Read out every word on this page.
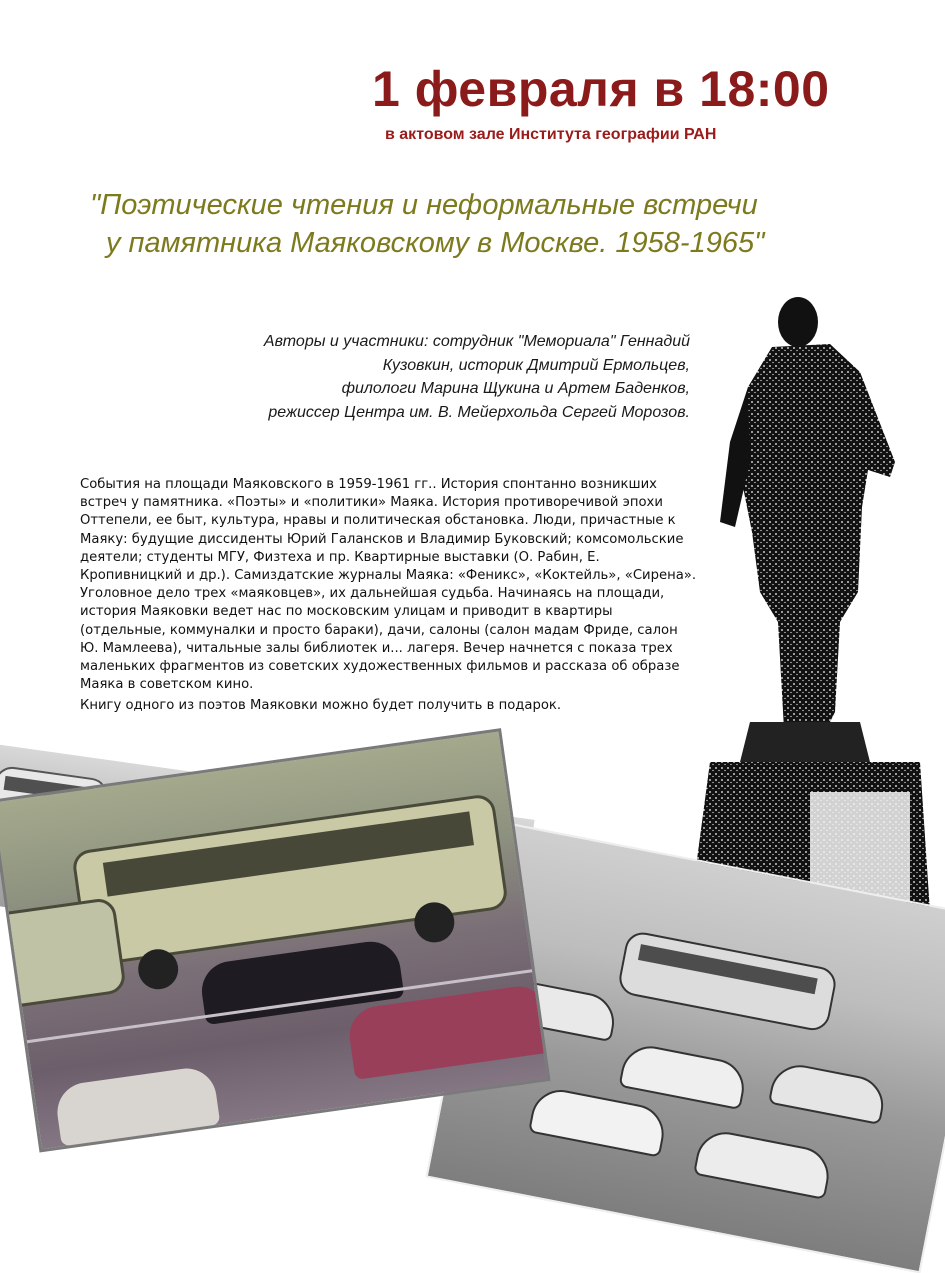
1 февраля в 18:00
в актовом зале Института географии РАН
"Поэтические чтения и неформальные встречи
у памятника Маяковскому в Москве. 1958-1965"
Авторы и участники: сотрудник "Мемориала" Геннадий
Кузовкин, историк Дмитрий Ермольцев,
филологи Марина Щукина и Артем Баденков,
режиссер Центра им. В. Мейерхольда Сергей Морозов.
События на площади Маяковского в 1959-1961 гг.. История спонтанно возникших встреч у памятника. «Поэты» и «политики» Маяка. История противоречивой эпохи Оттепели, ее быт, культура, нравы и политическая обстановка. Люди, причастные к Маяку: будущие диссиденты Юрий Галансков и Владимир Буковский; комсомольские деятели; студенты МГУ, Физтеха и пр. Квартирные выставки (О. Рабин, Е. Кропивницкий и др.). Самиздатские журналы Маяка: «Феникс», «Коктейль», «Сирена». Уголовное дело трех «маяковцев», их дальнейшая судьба. Начинаясь на площади, история Маяковки ведет нас по московским улицам и приводит в квартиры (отдельные, коммуналки и просто бараки), дачи, салоны (салон мадам Фриде, салон Ю. Мамлеева), читальные залы библиотек и... лагеря. Вечер начнется с показа трех маленьких фрагментов из советских художественных фильмов и рассказа об образе Маяка в советском кино.
Книгу одного из поэтов Маяковки можно будет получить в подарок.
